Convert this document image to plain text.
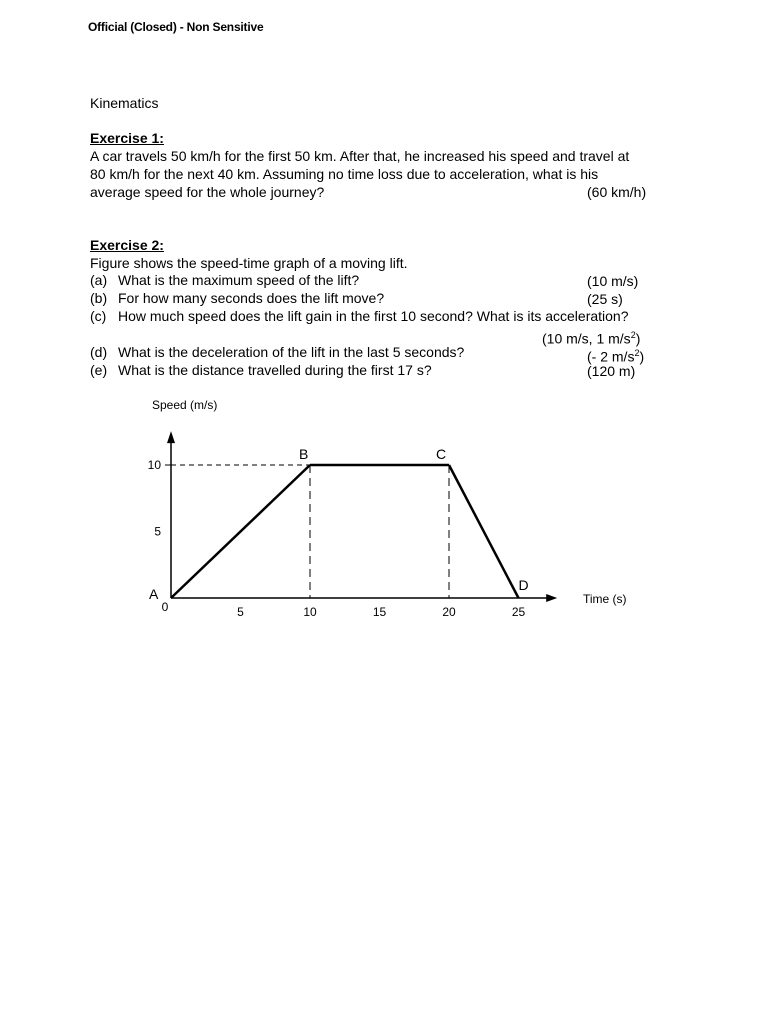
Official (Closed) - Non Sensitive
Kinematics
Exercise 1:
A car travels 50 km/h for the first 50 km. After that, he increased his speed and travel at
80 km/h for the next 40 km. Assuming no time loss due to acceleration, what is his
average speed for the whole journey?	(60 km/h)
Exercise 2:
Figure shows the speed-time graph of a moving lift.
(a) What is the maximum speed of the lift?	(10 m/s)
(b) For how many seconds does the lift move?	(25 s)
(c) How much speed does the lift gain in the first 10 second? What is its acceleration?
(10 m/s, 1 $m/s^2$)
(d) What is the deceleration of the lift in the last 5 seconds?	(- 2 $m/s^2$)
(e) What is the distance travelled during the first 17 s?	(120 m)
Speed (m/s)
Time (s)
0	5	10	15	20	25
5
10
A
B	C
D
